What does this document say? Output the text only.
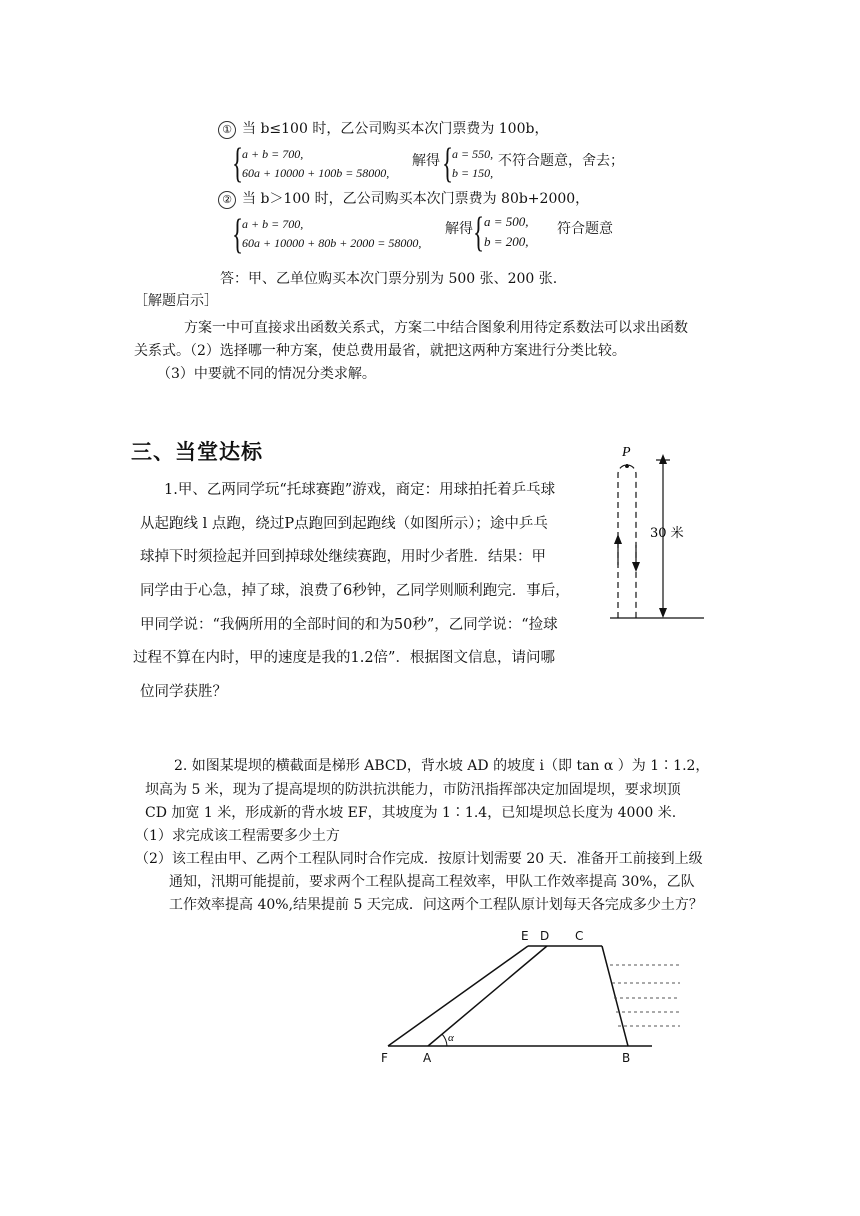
① 当 b≤100 时，乙公司购买本次门票费为 100b，
{
a + b = 700,
60a + 10000 + 100b = 58000,
解得 {
a = 550,
b = 150,
不符合题意，舍去；
② 当 b＞100 时，乙公司购买本次门票费为 80b+2000，
{
a + b = 700,
60a + 10000 + 80b + 2000 = 58000,
解得 { a = 500,
b = 200,
符合题意
答：甲、乙单位购买本次门票分别为 500 张、200 张.
［解题启示］
方案一中可直接求出函数关系式，方案二中结合图象利用待定系数法可以求出函数
关系式。（2）选择哪一种方案，使总费用最省，就把这两种方案进行分类比较。
（3）中要就不同的情况分类求解。
三、当堂达标
1.甲、乙两同学玩“托球赛跑”游戏，商定：用球拍托着乒乓球
从起跑线 l 点跑，绕过P点跑回到起跑线（如图所示）；途中乒乓
球掉下时须捡起并回到掉球处继续赛跑，用时少者胜．结果：甲
同学由于心急，掉了球，浪费了6秒钟，乙同学则顺利跑完．事后，
甲同学说：“我俩所用的全部时间的和为50秒”，乙同学说：“捡球
过程不算在内时，甲的速度是我的1.2倍”．根据图文信息，请问哪
位同学获胜？
P
30 米
2. 如图某堤坝的横截面是梯形 ABCD，背水坡 AD 的坡度 i（即 tan α ）为 1∶1.2，
坝高为 5 米，现为了提高堤坝的防洪抗洪能力，市防汛指挥部决定加固堤坝，要求坝顶
CD 加宽 1 米，形成新的背水坡 EF，其坡度为 1∶1.4，已知堤坝总长度为 4000 米.
（1）求完成该工程需要多少土方
（2）该工程由甲、乙两个工程队同时合作完成．按原计划需要 20 天．准备开工前接到上级
通知，汛期可能提前，要求两个工程队提高工程效率，甲队工作效率提高 30%，乙队
工作效率提高 40%,结果提前 5 天完成．问这两个工程队原计划每天各完成多少土方？
E D C
F	A	B
α
